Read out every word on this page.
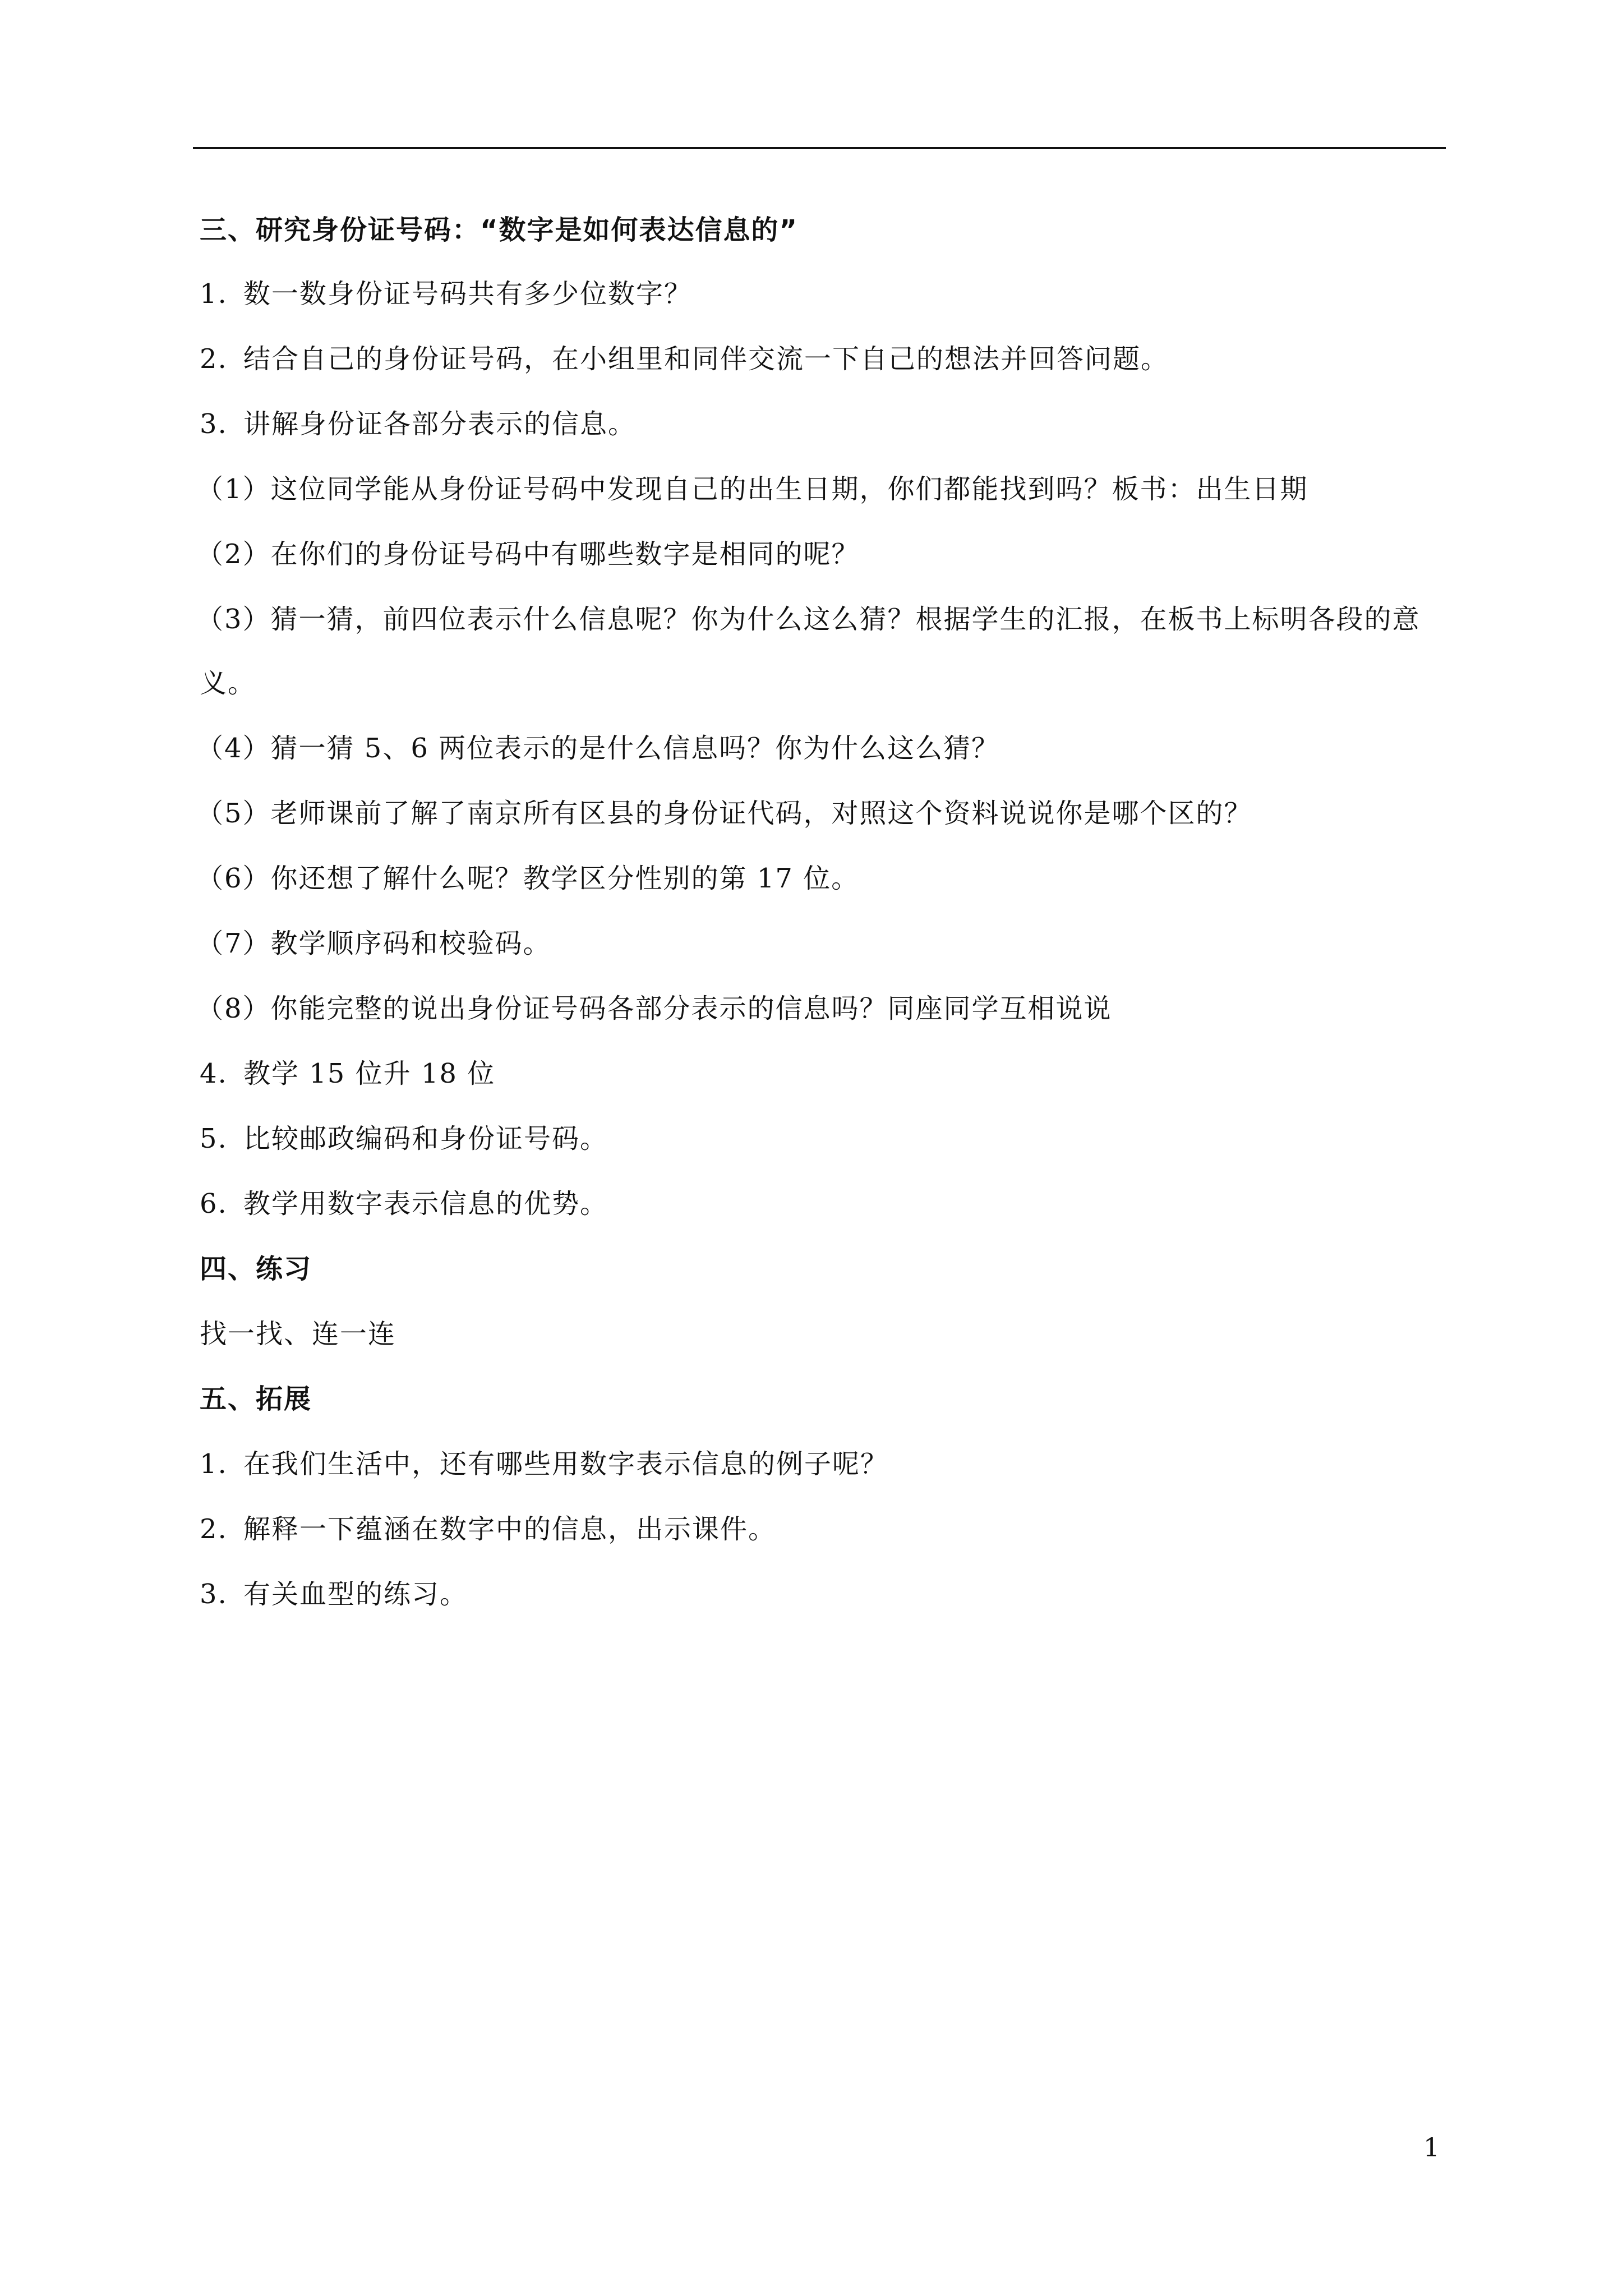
三、研究身份证号码：“数字是如何表达信息的”
1. 数一数身份证号码共有多少位数字？
2. 结合自己的身份证号码，在小组里和同伴交流一下自己的想法并回答问题。
3. 讲解身份证各部分表示的信息。
（1）这位同学能从身份证号码中发现自己的出生日期，你们都能找到吗？板书：出生日期
（2）在你们的身份证号码中有哪些数字是相同的呢？
（3）猜一猜，前四位表示什么信息呢？你为什么这么猜？根据学生的汇报，在板书上标明各段的意
义。
（4）猜一猜 5、6 两位表示的是什么信息吗？你为什么这么猜？
（5）老师课前了解了南京所有区县的身份证代码，对照这个资料说说你是哪个区的？
（6）你还想了解什么呢？教学区分性别的第 17 位。
（7）教学顺序码和校验码。
（8）你能完整的说出身份证号码各部分表示的信息吗？同座同学互相说说
4. 教学 15 位升 18 位
5. 比较邮政编码和身份证号码。
6. 教学用数字表示信息的优势。
四、练习
找一找、连一连
五、拓展
1. 在我们生活中，还有哪些用数字表示信息的例子呢？
2. 解释一下蕴涵在数字中的信息，出示课件。
3. 有关血型的练习。
1
